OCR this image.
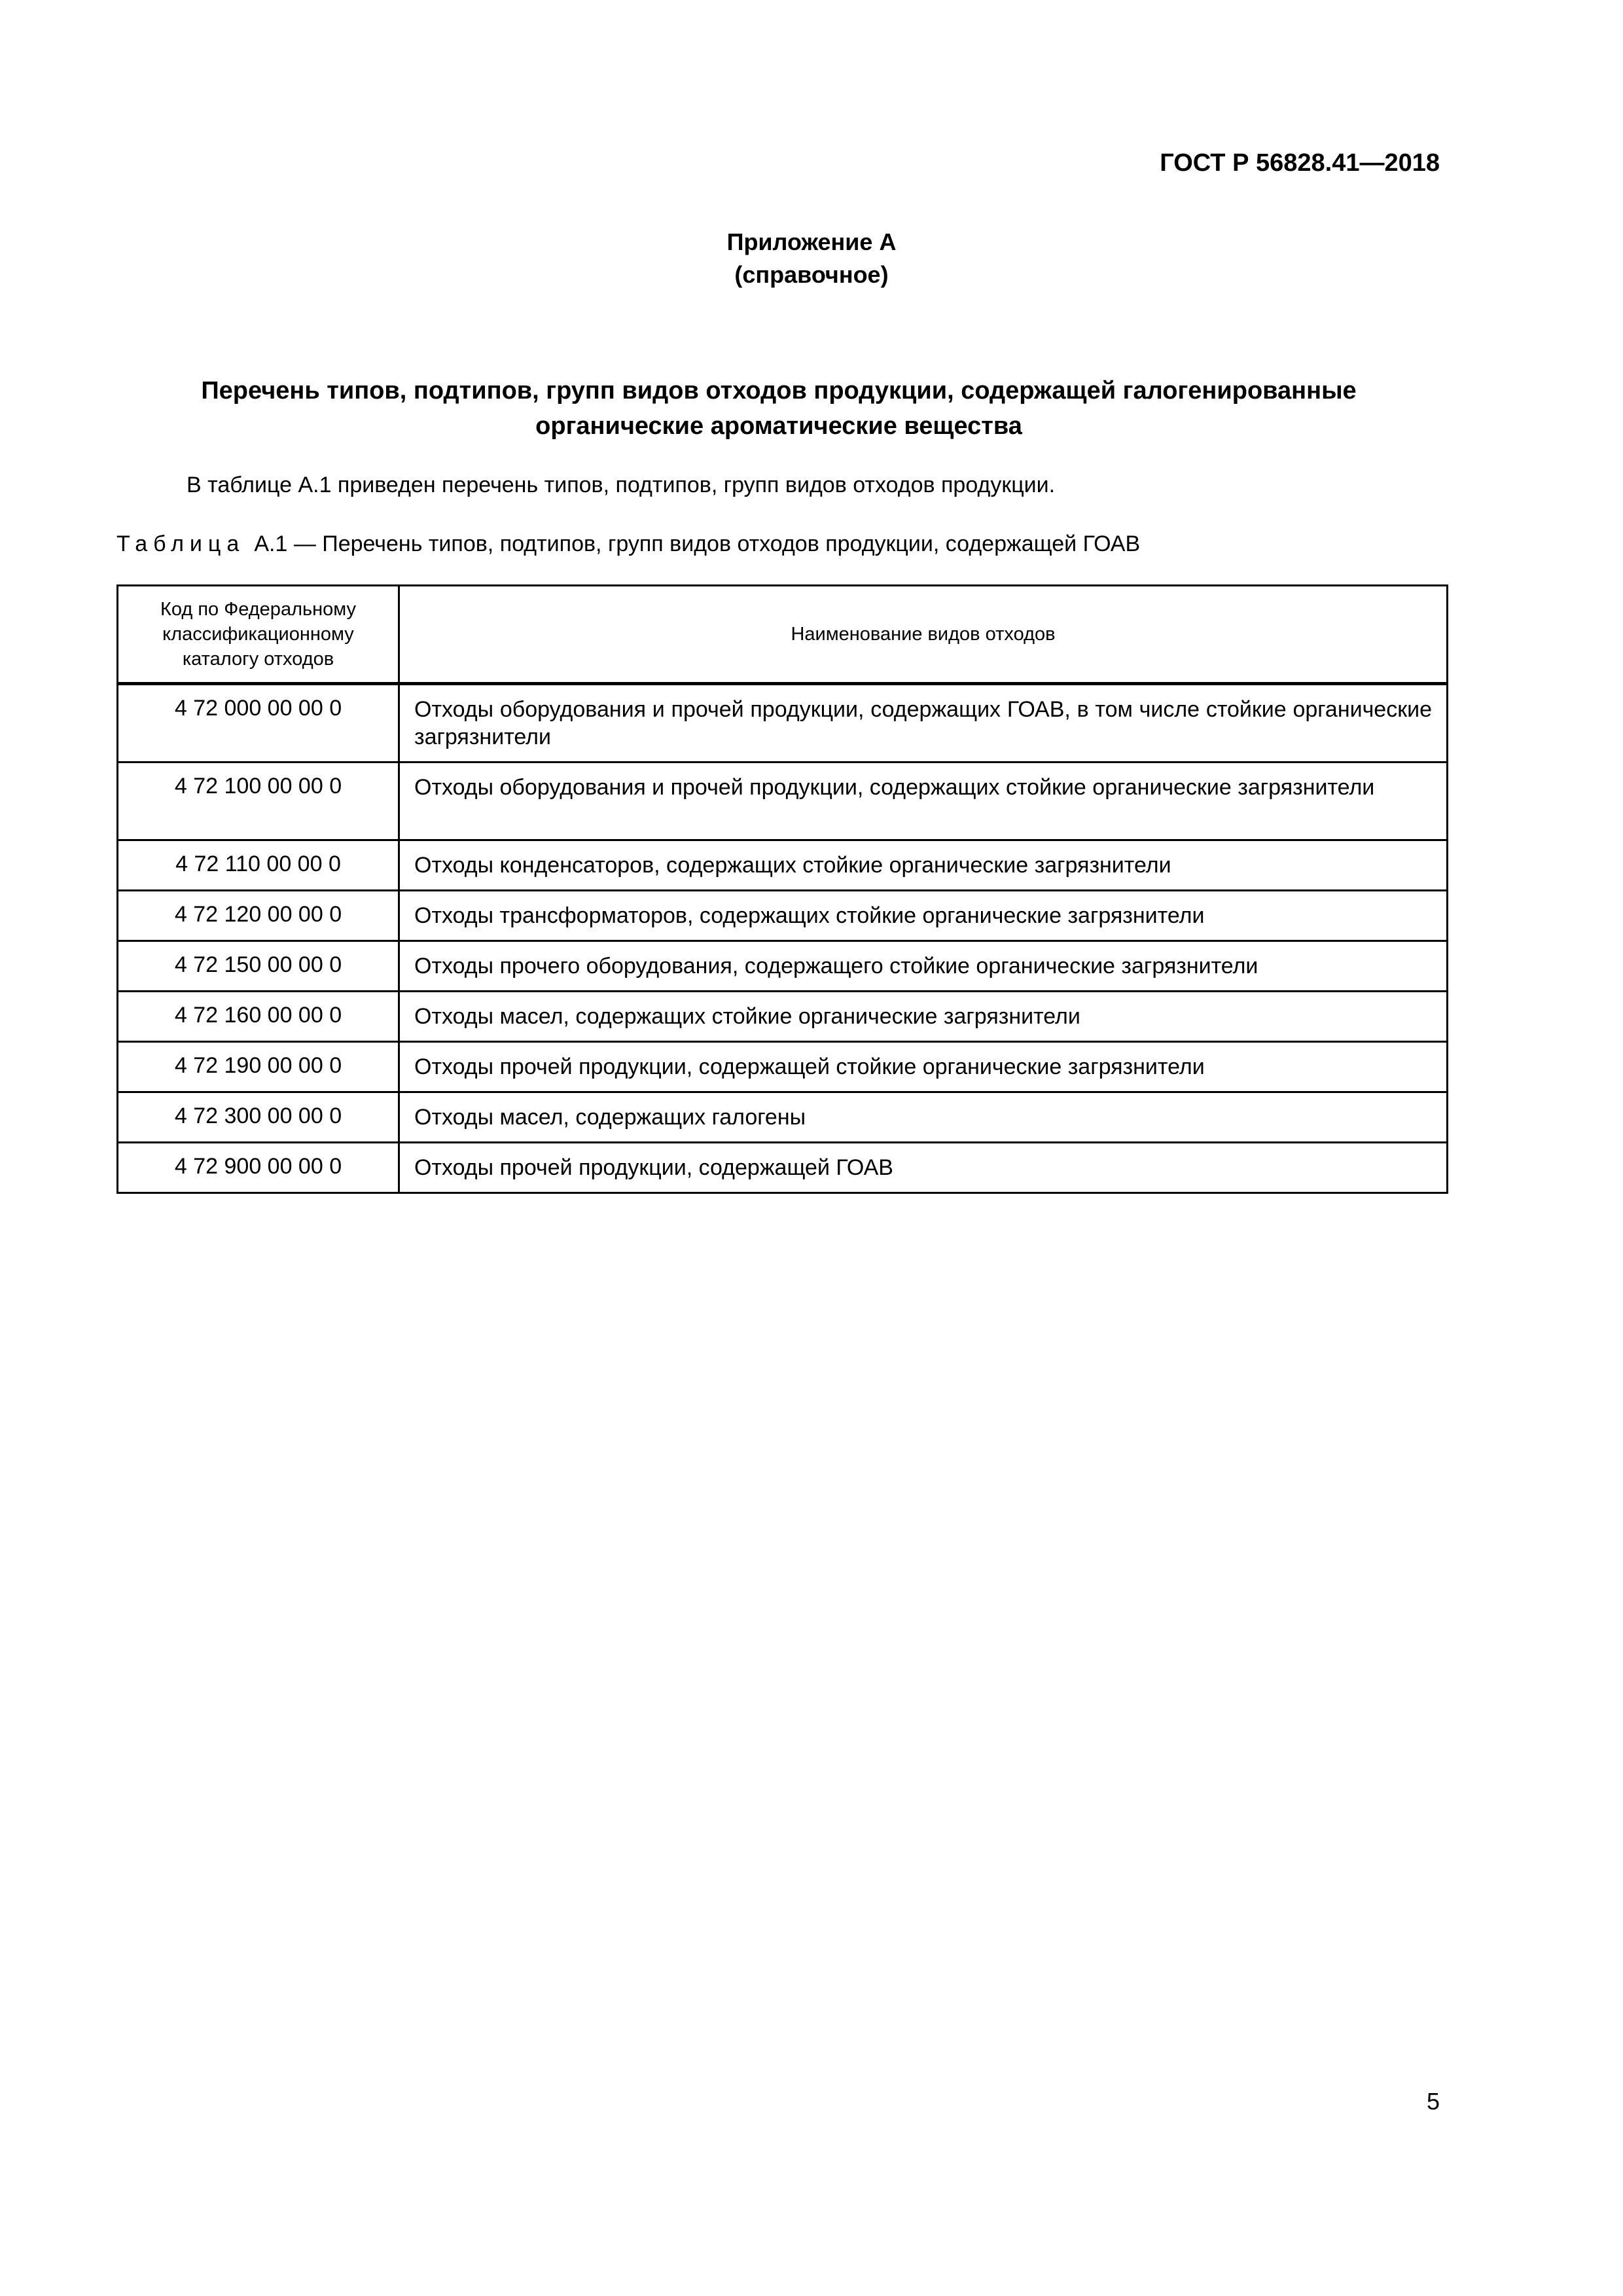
ГОСТ Р 56828.41—2018
Приложение А
(справочное)
Перечень типов, подтипов, групп видов отходов продукции, содержащей галогенированные
органические ароматические вещества
В таблице А.1 приведен перечень типов, подтипов, групп видов отходов продукции.
Таблица А.1 — Перечень типов, подтипов, групп видов отходов продукции, содержащей ГОАВ
Код по Федеральному
классификационному
каталогу отходов	Наименование видов отходов
4 72 000 00 00 0	Отходы оборудования и прочей продукции, содержащих ГОАВ, в том числе стойкие органические загрязнители
4 72 100 00 00 0	Отходы оборудования и прочей продукции, содержащих стойкие органические загрязнители
4 72 110 00 00 0	Отходы конденсаторов, содержащих стойкие органические загрязнители
4 72 120 00 00 0	Отходы трансформаторов, содержащих стойкие органические загрязнители
4 72 150 00 00 0	Отходы прочего оборудования, содержащего стойкие органические загрязнители
4 72 160 00 00 0	Отходы масел, содержащих стойкие органические загрязнители
4 72 190 00 00 0	Отходы прочей продукции, содержащей стойкие органические загрязнители
4 72 300 00 00 0	Отходы масел, содержащих галогены
4 72 900 00 00 0	Отходы прочей продукции, содержащей ГОАВ
5
